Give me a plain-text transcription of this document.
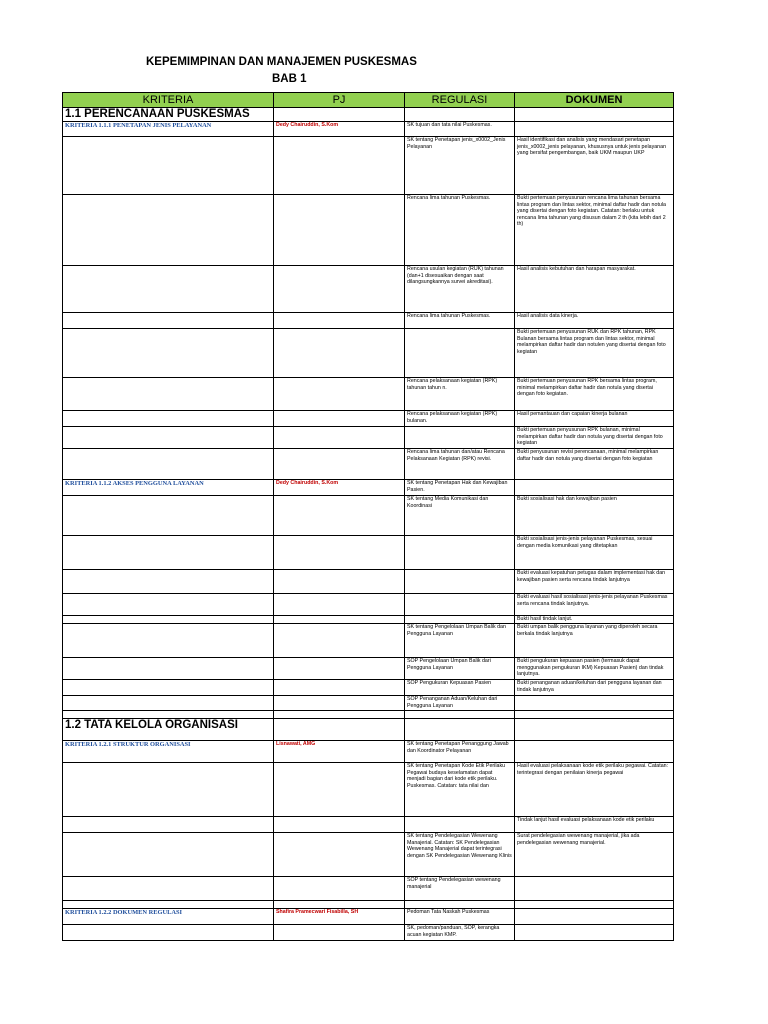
KEPEMIMPINAN DAN MANAJEMEN PUSKESMAS
BAB 1
KRITERIA	PJ	REGULASI	DOKUMEN
1.1 PERENCANAAN PUSKESMAS			
KRITERIA 1.1.1 PENETAPAN JENIS PELAYANAN	Dedy Chairuddin, S.Kom	SK tujuan dan tata nilai Puskesmas.	
		SK tentang Penetapan jenis_x0002_Jenis Pelayanan	Hasil identifikasi dan analisis yang mendasari penetapan jenis_x0002_jenis pelayanan, khususnya untuk jenis pelayanan yang bersifat pengembangan, baik UKM maupun UKP
		Rencana lima tahunan Puskesmas.	Bukti pertemuan penyusunan rencana lima tahunan bersama lintas program dan lintas sektor, minimal daftar hadir dan notula yang disertai dengan foto kegiatan. Catatan: berlaku untuk rencana lima tahunan yang disusun dalam 2 th (kita lebih dari 2 th)
		Rencana usulan kegiatan (RUK) tahunan (dan+1 disesuaikan dengan saat dilangsungkannya survei akreditasi).	Hasil analisis kebutuhan dan harapan masyarakat.
		Rencana lima tahunan Puskesmas.	Hasil analisis data kinerja.
			Bukti pertemuan penyusunan RUK dan RPK tahunan, RPK Bulanan bersama lintas program dan lintas sektor, minimal melampirkan daftar hadir dan notulen yang disertai dengan foto kegiatan
		Rencana pelaksanaan kegiatan (RPK) tahunan tahun n.	Bukti pertemuan penyusunan RPK bersama lintas program, minimal melampirkan daftar hadir dan notula yang disertai dengan foto kegiatan.
		Rencana pelaksanaan kegiatan (RPK) bulanan.	Hasil pemantauan dan capaian kinerja bulanan
			Bukti pertemuan penyusunan RPK bulanan, minimal melampirkan daftar hadir dan notula yang disertai dengan foto kegiatan
		Rencana lima tahunan dan/atau Rencana Pelaksanaan Kegiatan (RPK) revisi.	Bukti penyusunan revisi perencanaan, minimal melampirkan daftar hadir dan notula yang disertai dengan foto kegiatan
KRITERIA 1.1.2 AKSES PENGGUNA LAYANAN	Dedy Chairuddin, S.Kom	SK tentang Penetapan Hak dan Kewajiban Pasien.	
		SK tentang Media Komunikasi dan Koordinasi	Bukti sosialisasi hak dan kewajiban pasien
			Bukti sosialisasi jenis-jenis pelayanan Puskesmas, sesuai dengan media komunikasi yang ditetapkan
			Bukti evaluasi kepatuhan petugas dalam implementasi hak dan kewajiban pasien serta rencana tindak lanjutnya
			Bukti evaluasi hasil sosialisasi jenis-jenis pelayanan Puskesmas serta rencana tindak lanjutnya.
			Bukti hasil tindak lanjut.
		SK tentang Pengelolaan Umpan Balik dan Pengguna Layanan	Bukti umpan balik pengguna layanan yang diperoleh secara berkala tindak lanjutnya
		SOP Pengelolaan Umpan Balik dari Pengguna Layanan	Bukti pengukuran kepuasan pasien (termasuk dapat menggunakan pengukuran IKM) Kepuasan Pasien) dan tindak lanjutnya.
		SOP Pengukuran Kepuasan Pasien	Bukti penanganan aduan/keluhan dari pengguna layanan dan tindak lanjutnya
		SOP Penanganan Aduan/Keluhan dari Pengguna Layanan	

1.2 TATA KELOLA ORGANISASI			
KRITERIA 1.2.1 STRUKTUR ORGANISASI	Lisnawati, AMG	SK tentang Penetapan Penanggung Jawab dan Koordinator Pelayanan	
		SK tentang Penetapan Kode Etik Perilaku Pegawai budaya keselamatan dapat menjadi bagian dari kode etik perilaku. Puskesmas. Catatan: tata nilai dan	Hasil evaluasi pelaksanaan kode etik perilaku pegawai. Catatan: terintegrasi dengan penilaian kinerja pegawai
			Tindak lanjut hasil evaluasi pelaksanaan kode etik perilaku
		SK tentang Pendelegasian Wewenang Manajerial. Catatan: SK Pendelegasian Wewenang Manajerial dapat terintegrasi dengan SK Pendelegasian Wewenang Klinis	Surat pendelegasian wewenang manajerial, jika ada pendelegasian wewenang manajerial.
		SOP tentang Pendelegasian wewenang manajerial	

KRITERIA 1.2.2 DOKUMEN REGULASI	Shafira Pramecwari Fisabilla, SH	Pedoman Tata Naskah Puskesmas	
		SK, pedoman/panduan, SOP, kerangka acuan kegiatan KMP.	
